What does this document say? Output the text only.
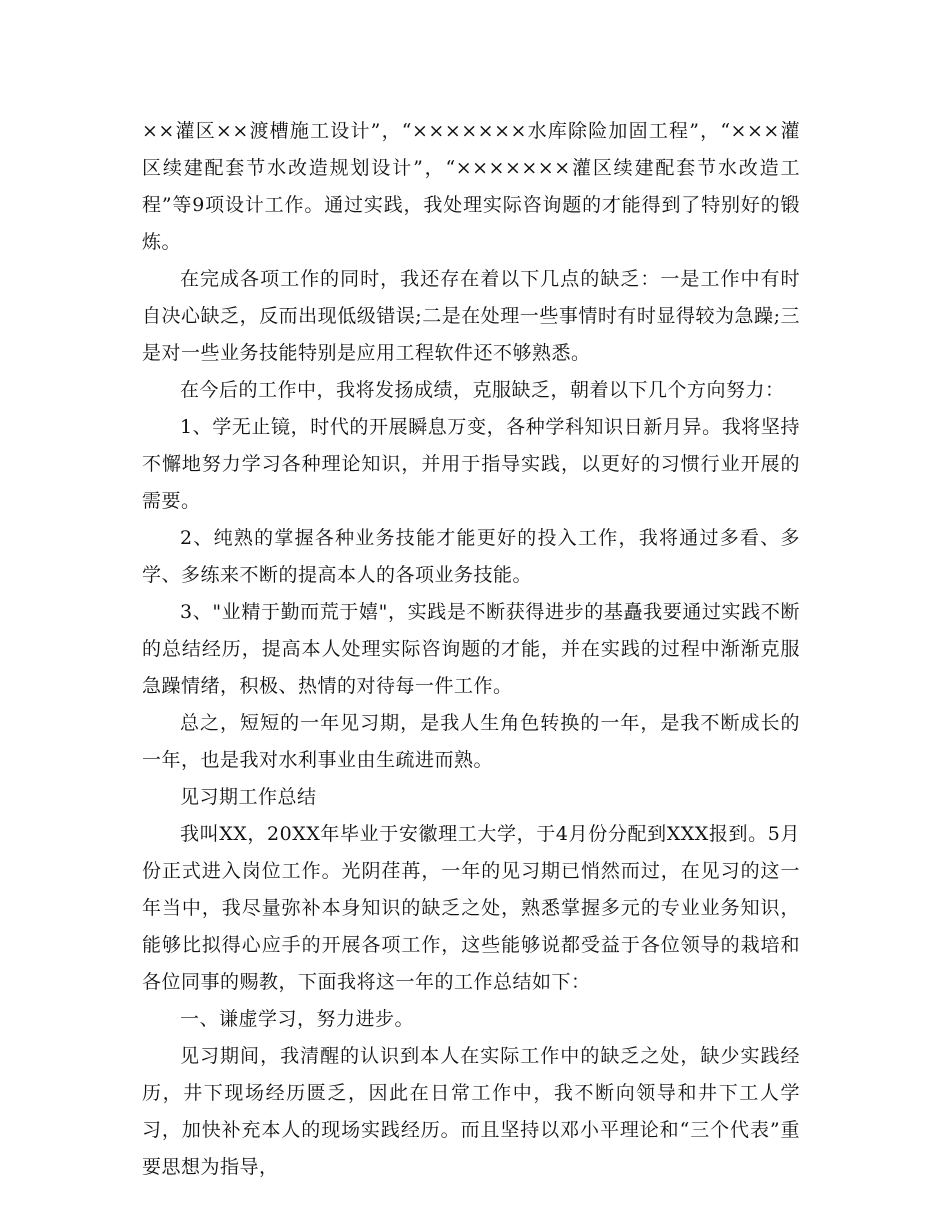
××灌区××渡槽施工设计”，“×××××××水库除险加固工程”，“×××灌区续建配套节水改造规划设计”，“×××××××灌区续建配套节水改造工程”等9项设计工作。通过实践，我处理实际咨询题的才能得到了特别好的锻炼。

在完成各项工作的同时，我还存在着以下几点的缺乏：一是工作中有时自决心缺乏，反而出现低级错误;二是在处理一些事情时有时显得较为急躁;三是对一些业务技能特别是应用工程软件还不够熟悉。

在今后的工作中，我将发扬成绩，克服缺乏，朝着以下几个方向努力：

1、学无止镜，时代的开展瞬息万变，各种学科知识日新月异。我将坚持不懈地努力学习各种理论知识，并用于指导实践，以更好的习惯行业开展的需要。

2、纯熟的掌握各种业务技能才能更好的投入工作，我将通过多看、多学、多练来不断的提高本人的各项业务技能。

3、"业精于勤而荒于嬉"，实践是不断获得进步的基矗我要通过实践不断的总结经历，提高本人处理实际咨询题的才能，并在实践的过程中渐渐克服急躁情绪，积极、热情的对待每一件工作。

总之，短短的一年见习期，是我人生角色转换的一年，是我不断成长的一年，也是我对水利事业由生疏进而熟。

见习期工作总结

我叫XX，20XX年毕业于安徽理工大学，于4月份分配到XXX报到。5月份正式进入岗位工作。光阴荏苒，一年的见习期已悄然而过，在见习的这一年当中，我尽量弥补本身知识的缺乏之处，熟悉掌握多元的专业业务知识，能够比拟得心应手的开展各项工作，这些能够说都受益于各位领导的栽培和各位同事的赐教，下面我将这一年的工作总结如下：

一、谦虚学习，努力进步。

见习期间，我清醒的认识到本人在实际工作中的缺乏之处，缺少实践经历，井下现场经历匮乏，因此在日常工作中，我不断向领导和井下工人学习，加快补充本人的现场实践经历。而且坚持以邓小平理论和“三个代表”重要思想为指导，
